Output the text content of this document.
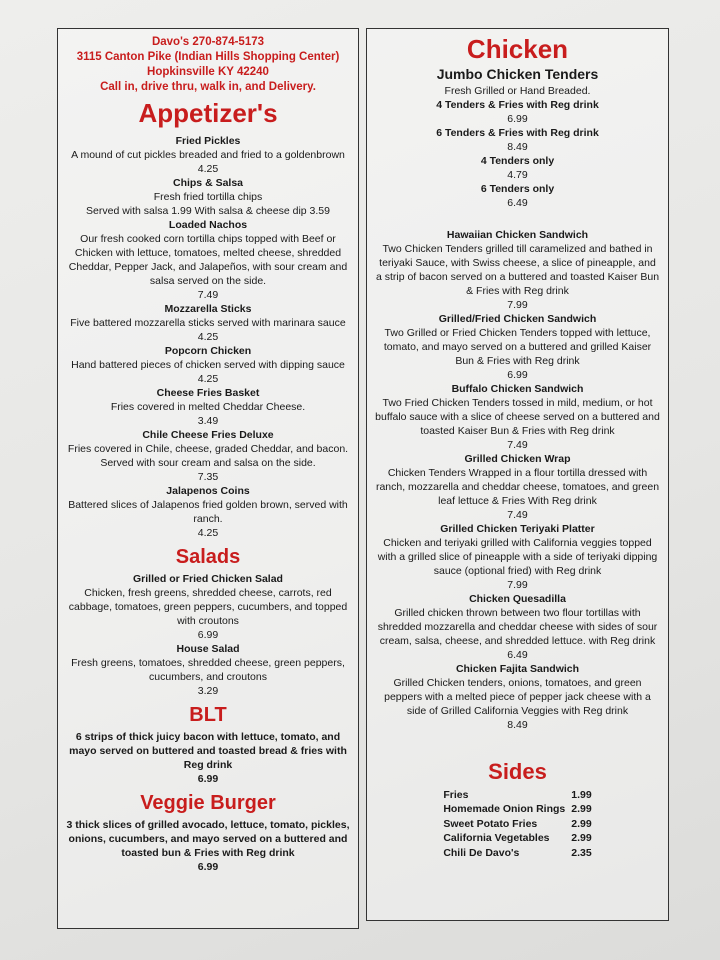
Davo's 270-874-5173
3115 Canton Pike (Indian Hills Shopping Center)
Hopkinsville KY 42240
Call in, drive thru, walk in, and Delivery.
Appetizer's
Fried Pickles
A mound of cut pickles breaded and fried to a goldenbrown
4.25
Chips & Salsa
Fresh fried tortilla chips
Served with salsa 1.99 With salsa & cheese dip 3.59
Loaded Nachos
Our fresh cooked corn tortilla chips topped with Beef or Chicken with lettuce, tomatoes, melted cheese, shredded Cheddar, Pepper Jack, and Jalapeños, with sour cream and salsa served on the side.
7.49
Mozzarella Sticks
Five battered mozzarella sticks served with marinara sauce
4.25
Popcorn Chicken
Hand battered pieces of chicken served with dipping sauce
4.25
Cheese Fries Basket
Fries covered in melted Cheddar Cheese.
3.49
Chile Cheese Fries Deluxe
Fries covered in Chile, cheese, graded Cheddar, and bacon. Served with sour cream and salsa on the side.
7.35
Jalapenos Coins
Battered slices of Jalapenos fried golden brown, served with ranch.
4.25
Salads
Grilled or Fried Chicken Salad
Chicken, fresh greens, shredded cheese, carrots, red cabbage, tomatoes, green peppers, cucumbers, and topped with croutons
6.99
House Salad
Fresh greens, tomatoes, shredded cheese, green peppers, cucumbers, and croutons
3.29
BLT
6 strips of thick juicy bacon with lettuce, tomato, and mayo served on buttered and toasted bread & fries with Reg drink
6.99
Veggie Burger
3 thick slices of grilled avocado, lettuce, tomato, pickles, onions, cucumbers, and mayo served on a buttered and toasted bun & Fries with Reg drink
6.99
Chicken
Jumbo Chicken Tenders
Fresh Grilled or Hand Breaded.
4 Tenders & Fries with Reg drink
6.99
6 Tenders & Fries with Reg drink
8.49
4 Tenders only
4.79
6 Tenders only
6.49
Hawaiian Chicken Sandwich
Two Chicken Tenders grilled till caramelized and bathed in teriyaki Sauce, with Swiss cheese, a slice of pineapple, and a strip of bacon served on a buttered and toasted Kaiser Bun & Fries with Reg drink
7.99
Grilled/Fried Chicken Sandwich
Two Grilled or Fried Chicken Tenders topped with lettuce, tomato, and mayo served on a buttered and grilled Kaiser Bun & Fries with Reg drink
6.99
Buffalo Chicken Sandwich
Two Fried Chicken Tenders tossed in mild, medium, or hot buffalo sauce with a slice of cheese served on a buttered and toasted Kaiser Bun & Fries with Reg drink
7.49
Grilled Chicken Wrap
Chicken Tenders Wrapped in a flour tortilla dressed with ranch, mozzarella and cheddar cheese, tomatoes, and green leaf lettuce & Fries With Reg drink
7.49
Grilled Chicken Teriyaki Platter
Chicken and teriyaki grilled with California veggies topped with a grilled slice of pineapple with a side of teriyaki dipping sauce (optional fried) with Reg drink
7.99
Chicken Quesadilla
Grilled chicken thrown between two flour tortillas with shredded mozzarella and cheddar cheese with sides of sour cream, salsa, cheese, and shredded lettuce. with Reg drink
6.49
Chicken Fajita Sandwich
Grilled Chicken tenders, onions, tomatoes, and green peppers with a melted piece of pepper jack cheese with a side of Grilled California Veggies with Reg drink
8.49
Sides
Fries	1.99
Homemade Onion Rings	2.99
Sweet Potato Fries	2.99
California Vegetables	2.99
Chili De Davo's	2.35
